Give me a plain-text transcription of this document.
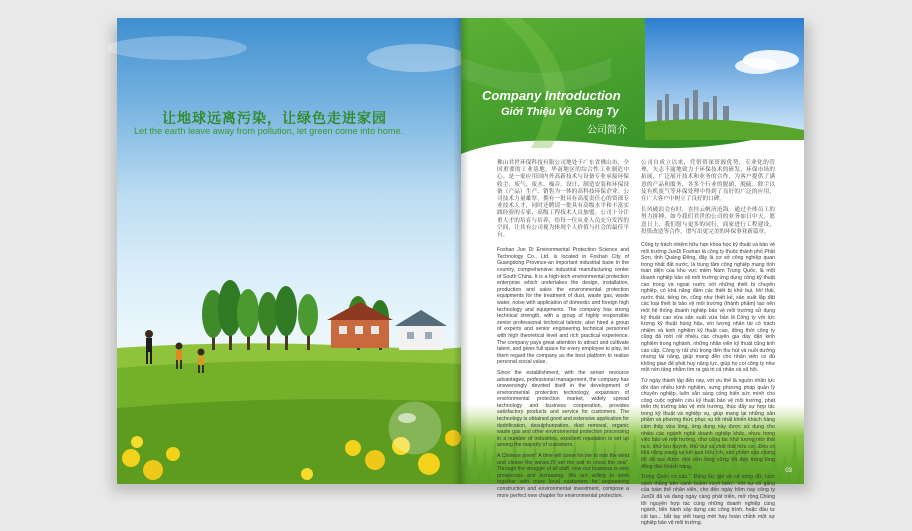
让地球远离污染，让绿色走进家园
Let the earth leave away from pollution, let green come into home.
Company Introduction
Giới Thiệu Về Công Ty
公司简介

佛山君世环保科技有限公司地处于广东省佛山市，全国重要的工业基地，华南地区的综合性工业制造中心。是一家应用国内外高新技术与设备专业承接环保收尘、废气、废水、噪音、设计、制造安装和环保设备（产品）生产、销售为一体的高科技环保企业。公司技术力量雄厚，拥有一批具有高度责任心的资深专业技术人才，同时还聘请一批具有高级水平和丰富实践经验的专家、高级工程技术人员加盟。公司十分注重人才的培育与培养，给每一位从业人员充分发挥的空间，让其有公司视为体现个人价值与社会的最佳平台。

Foshan Jun Di Environmental Protection Science and Technology Co., Ltd. is located in Foshan City of Guangdong Province-an important industrial base in the country, comprehensive industrial manufacturing center of South China. It is a high-tech environmental protection enterprise which undertakes the design, installation, production and sales the environmental protection equipments for the treatment of dust, waste gas, waste water, noise with application of domestic and foreign high technology and equipments. The company has strong technical strength, with a group of highly responsible senior professional technical talents; also hired a group of experts and senior engineering technical personnel with high theoretical level and rich practical experience. The company pays great attention to attract and cultivate talent, and gives full space for every employee to play, let them regard the company as the best platform to realize personal social value.

Since the establishment, with the senior resource advantages, professional management, the company has unswervingly devoted itself in the development of environmental protection technology, expansion of environmental protection market, widely spread technology and business cooperation, provides satisfactory products and service for customers. The technology is obtained good and extensive application for dedrification, desulphurization, dust removal, organic waste gas and other environmental protection processing in a number of industries, excellent reputation is set up among the majority of customers.

A Chinese poem" A time will come for me to ride the wind and cleave the waves,I'll set the sail to cross the sea". Through the struggle of all staff, now our business is very prosperous and increasing. We are willing to work together with more local customers for engineering construction and environmental investment, compose a more perfect new chapter for environmental protection.

公司自成立以来，凭借资深资源优势，专业化的管理，矢志不渝地致力于环保技术的研发，环保市场的拓展，广泛展开技术和业务的合作，为客户提供了满意的产品和服务，各多个行业的脱硝、脱硫、除尘以及有机废气等环保处理中得到了良好的广泛的应用，在广大客户中树立了良好的口碑。

长风破浪会有时，直挂云帆济沧海。通过全体员工的努力拼搏，如今我们君世的公司的业务如日中天，愿意日上，我们愿与更多的同行，商家进行工程建设，投资改造等合作，谱写出更完美的环保事业新篇章。

Công ty trách nhiệm hữu hạn khoa học kỹ thuật và bảo vệ môi trường JunDi Foshan là công ty thuộc thành phố Phật Sơn, tỉnh Quảng Đông, đây là cơ sở công nghiệp quan trọng nhất đất nước, là trung tâm công nghiệp mang tính toàn diện của khu vực miền Nam Trung Quốc, là một doanh nghiệp bảo vệ môi trường ứng dụng công kỹ thuật cao trong và ngoài nước với những thiết bị chuyên nghiệp, có khả năng đảm các thiết bị khử bụi, khí thải, nước thải, tiếng ồn, cũng như thiết kế, sản xuất lắp đặt các loại thiết bị bảo vệ môi trường (thành phẩm) tạo nên một hệ thống doanh nghiệp bảo vệ môi trường sử dụng kỹ thuật cao vừa sản xuất vừa bán lẻ.Công ty với lực lượng kỹ thuật hùng hậu, với lượng nhân tài có trách nhiệm và kinh nghiệm kỹ thuật cao, đồng thời công ty cũng đã mời rất nhiều các chuyên gia dày dặn kinh nghiệm trong nghành, những nhân viên kỹ thuật cũng tinh cao cấp. Công ty rất chú trọng đến thu hút và nuôi dưỡng nhưng tài năng, giúp mang đến cho nhân viên có đủ không gian để phát huy năng lực, giúp họ coi công ty như một nền tảng nhằm tìm ra giá trị cá nhân và xã hội.

Từ ngày thành lập đến nay, với ưu thế là nguồn nhân lực dồi dào nhiều kinh nghiệm, sưng phương pháp quản lý chuyên nghiệp, luôn sẵn sàng cống hiến sức mình cho công cuộc nghiên cứu kỹ thuật bảo vệ môi trường, phát triển thị trường bảo vệ môi trường, thúc đẩy sự hợp tác trong kỹ thuật và nghiệp vụ, giúp mang lại những sản phẩm và phương thức phục vụ tốt nhất khiến khách hàng cảm thấy vừa lòng, ứng dụng này được sử dụng cho nhiều các ngành nghề doanh nghiệp khác, nhưu trong việc bảo vệ môi trường, như công tác khử lượng nitơ thải ra k, khử lưu huỳnh, khử bụi và chất thải hữu cơ...Đều có khả năng mang lại kết quả hữu ích, sản phẩm của chúng tôi đã tạo được một nền tảng vững tốt đẹp trong lòng đông đảo khách hàng.

Trong Quốc có câu " Đúng lúc gió và cả sóng dữ, luồn sánh thẳng bên cánh buồm vượt biển". Với sự cố gắng của toàn thể nhân viên, cho đến ngày hôm nay công ty JunDi đã và đang ngày càng phát triển, mở rộng.Chúng tôi nguyện hợp tác cùng những doanh nghiệp cùng ngành, tiến hành xây dựng các công trình, hoặc đầu tư cải tạo... bắt tay viết trang mới hay hoàn chỉnh một sự nghiệp bảo vệ môi trường.

03
